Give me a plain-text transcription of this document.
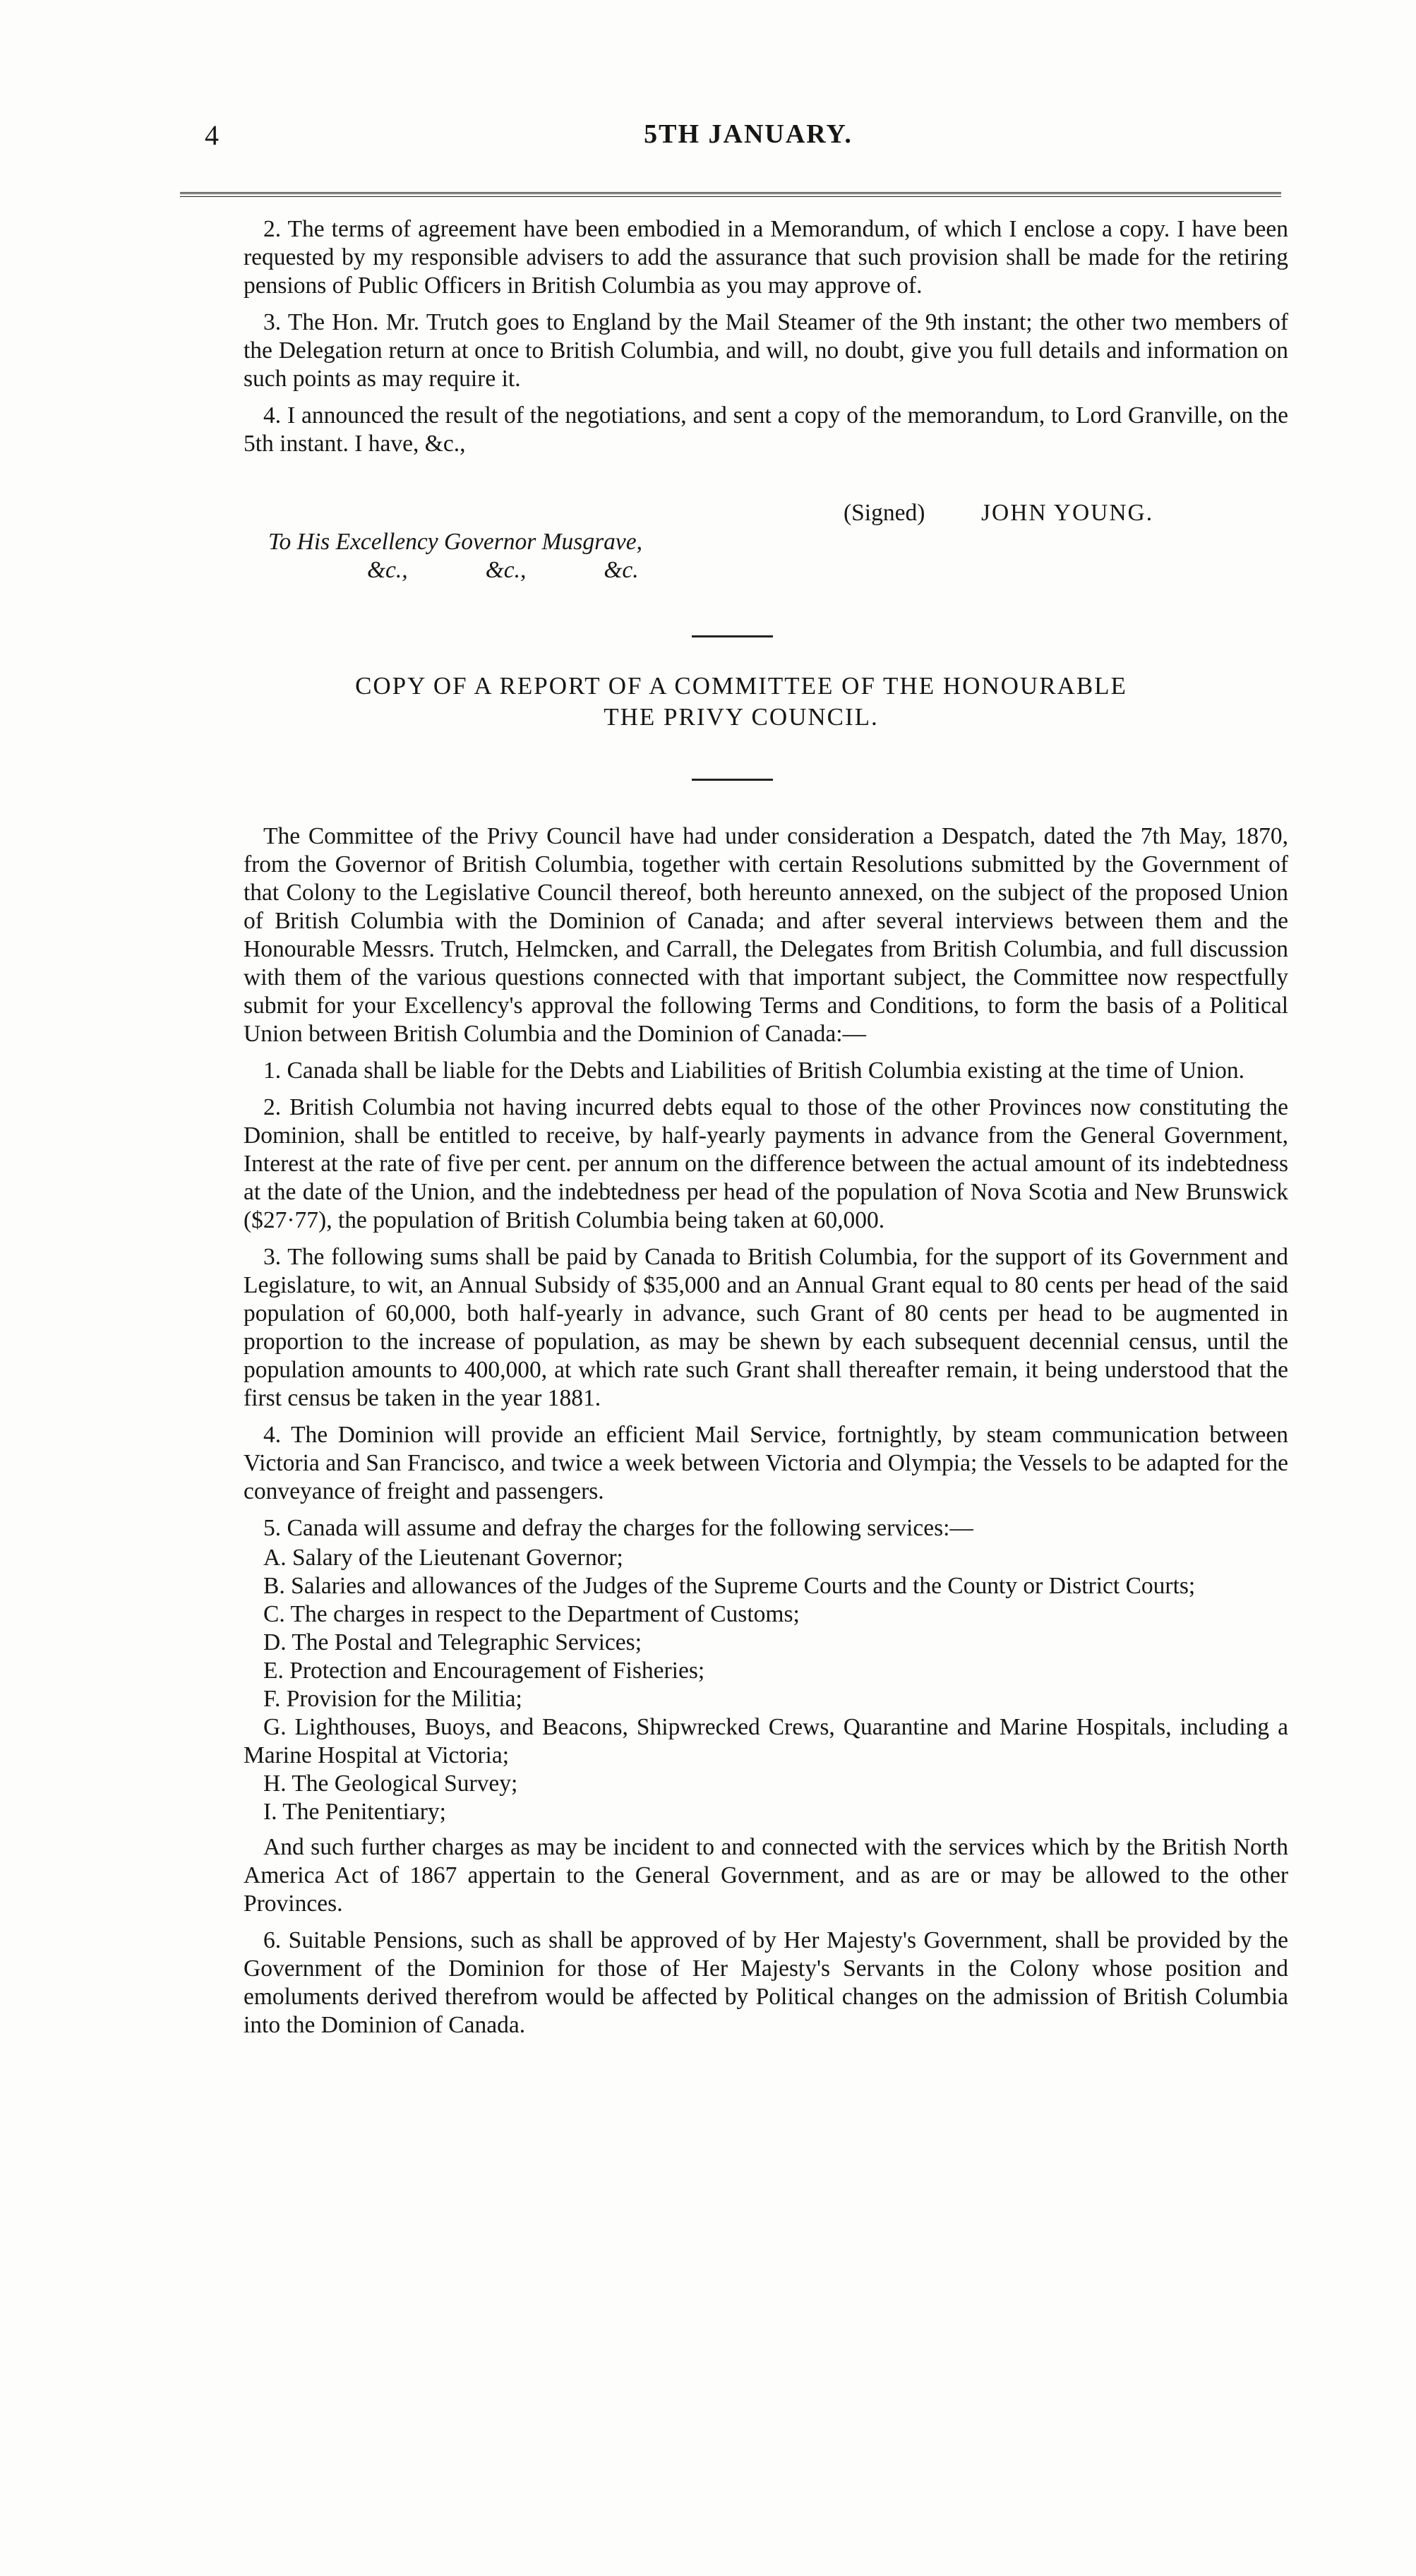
4	5TH JANUARY.

2. The terms of agreement have been embodied in a Memorandum, of which I enclose a copy. I have been requested by my responsible advisers to add the assurance that such provision shall be made for the retiring pensions of Public Officers in British Columbia as you may approve of.

3. The Hon. Mr. Trutch goes to England by the Mail Steamer of the 9th instant; the other two members of the Delegation return at once to British Columbia, and will, no doubt, give you full details and information on such points as may require it.

4. I announced the result of the negotiations, and sent a copy of the memorandum, to Lord Granville, on the 5th instant. I have, &c.,

(Signed) JOHN YOUNG.
To His Excellency Governor Musgrave,
&c.,	&c.,	&c.
COPY OF A REPORT OF A COMMITTEE OF THE HONOURABLE
THE PRIVY COUNCIL.

The Committee of the Privy Council have had under consideration a Despatch, dated the 7th May, 1870, from the Governor of British Columbia, together with certain Resolutions submitted by the Government of that Colony to the Legislative Council thereof, both hereunto annexed, on the subject of the proposed Union of British Columbia with the Dominion of Canada; and after several interviews between them and the Honourable Messrs. Trutch, Helmcken, and Carrall, the Delegates from British Columbia, and full discussion with them of the various questions connected with that important subject, the Committee now respectfully submit for your Excellency's approval the following Terms and Conditions, to form the basis of a Political Union between British Columbia and the Dominion of Canada:—

1. Canada shall be liable for the Debts and Liabilities of British Columbia existing at the time of Union.

2. British Columbia not having incurred debts equal to those of the other Provinces now constituting the Dominion, shall be entitled to receive, by half-yearly payments in advance from the General Government, Interest at the rate of five per cent. per annum on the difference between the actual amount of its indebtedness at the date of the Union, and the indebtedness per head of the population of Nova Scotia and New Brunswick ($27·77), the population of British Columbia being taken at 60,000.

3. The following sums shall be paid by Canada to British Columbia, for the support of its Government and Legislature, to wit, an Annual Subsidy of $35,000 and an Annual Grant equal to 80 cents per head of the said population of 60,000, both half-yearly in advance, such Grant of 80 cents per head to be augmented in proportion to the increase of population, as may be shewn by each subsequent decennial census, until the population amounts to 400,000, at which rate such Grant shall thereafter remain, it being understood that the first census be taken in the year 1881.

4. The Dominion will provide an efficient Mail Service, fortnightly, by steam communication between Victoria and San Francisco, and twice a week between Victoria and Olympia; the Vessels to be adapted for the conveyance of freight and passengers.

5. Canada will assume and defray the charges for the following services:—

A. Salary of the Lieutenant Governor;
B. Salaries and allowances of the Judges of the Supreme Courts and the County or District Courts;
C. The charges in respect to the Department of Customs;
D. The Postal and Telegraphic Services;
E. Protection and Encouragement of Fisheries;
F. Provision for the Militia;
G. Lighthouses, Buoys, and Beacons, Shipwrecked Crews, Quarantine and Marine Hospitals, including a Marine Hospital at Victoria;
H. The Geological Survey;
I. The Penitentiary;

And such further charges as may be incident to and connected with the services which by the British North America Act of 1867 appertain to the General Government, and as are or may be allowed to the other Provinces.

6. Suitable Pensions, such as shall be approved of by Her Majesty's Government, shall be provided by the Government of the Dominion for those of Her Majesty's Servants in the Colony whose position and emoluments derived therefrom would be affected by Political changes on the admission of British Columbia into the Dominion of Canada.
